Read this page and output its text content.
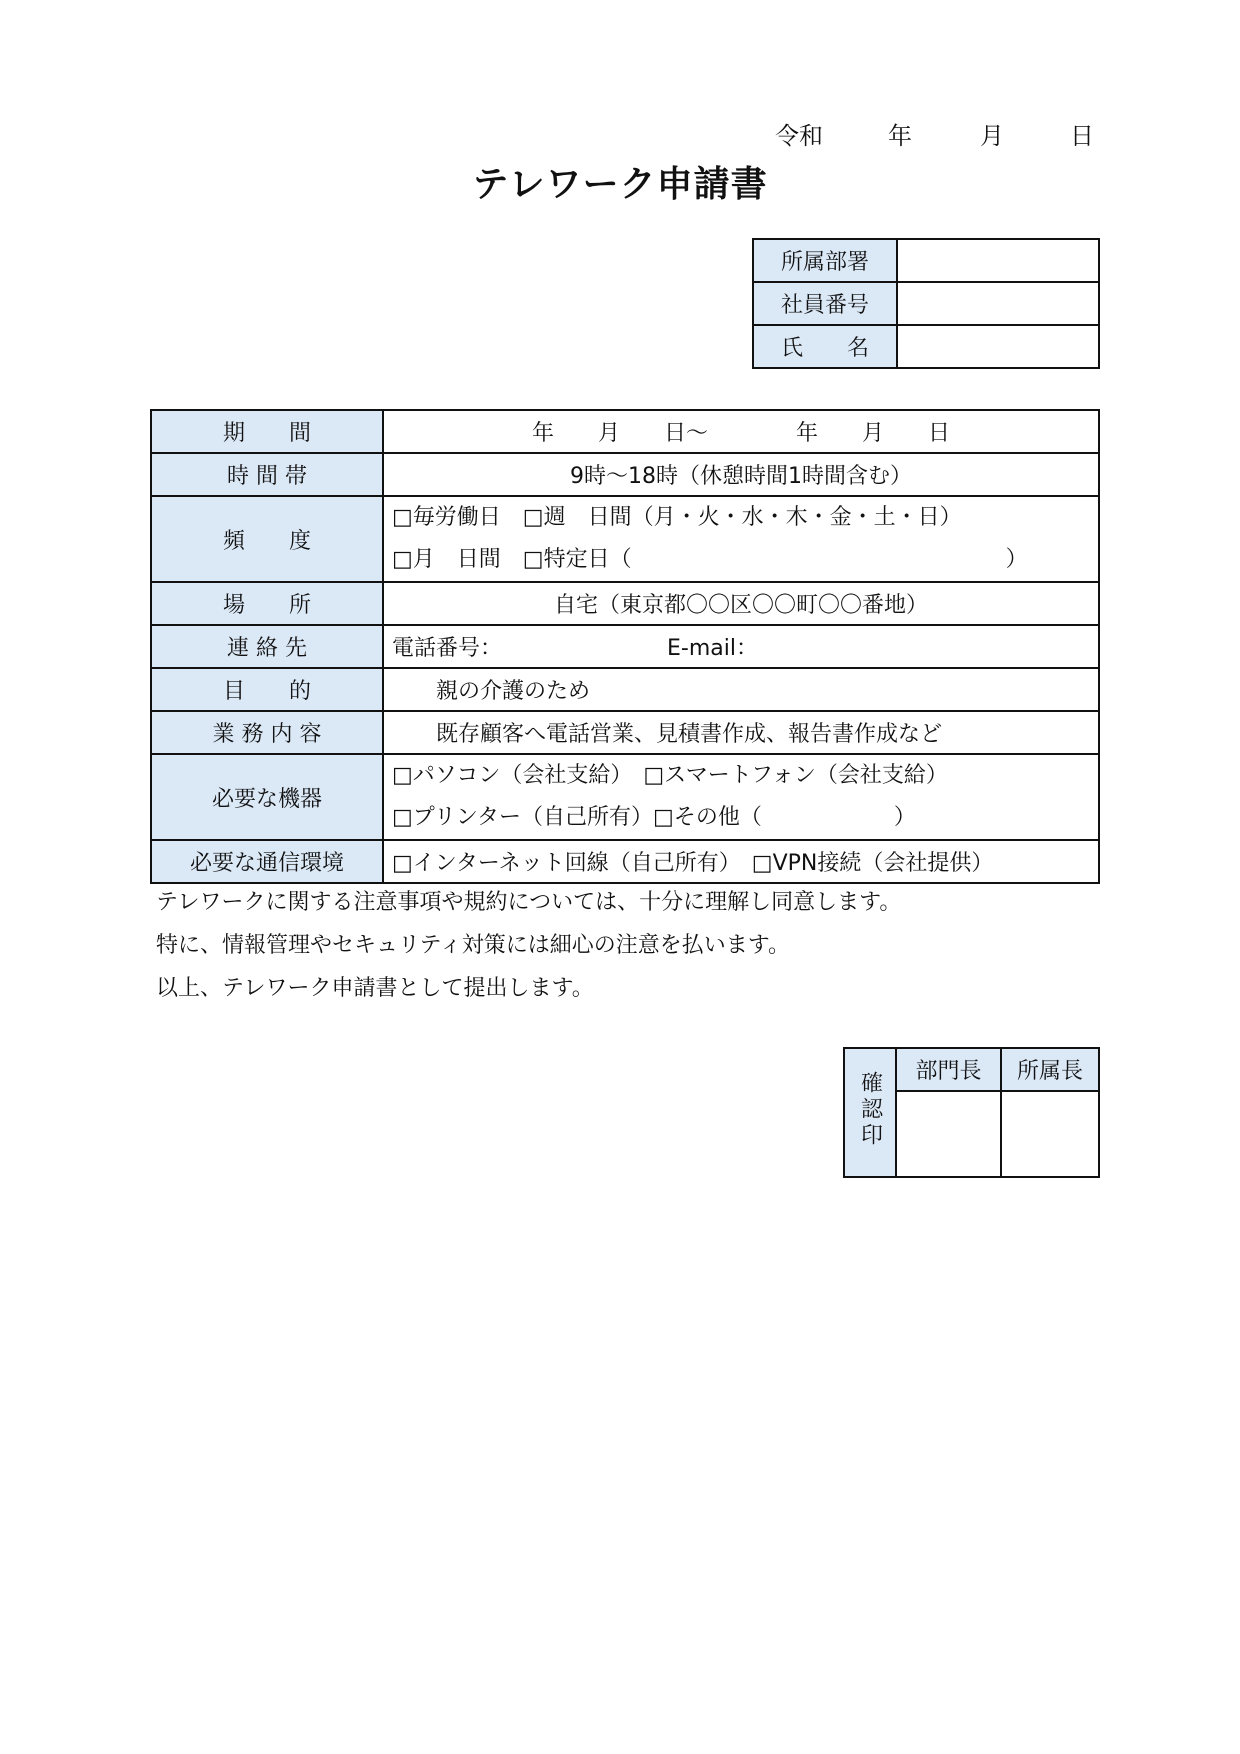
令和	年	月	日
テレワーク申請書
所属部署	
社員番号	
氏　　名	
期　　間	年　　月　　日～　　　　年　　月　　日
時 間 帯	9時～18時（休憩時間1時間含む）
頻　　度	□毎労働日　□週　日間（月・火・水・木・金・土・日）
□月　日間　□特定日（　　　　　　　　　　　　　　　　　）

場　　所	自宅（東京都〇〇区〇〇町〇〇番地）
連 絡 先	電話番号： E-mail：
目　　的	親の介護のため
業 務 内 容	既存顧客へ電話営業、見積書作成、報告書作成など
必要な機器	□パソコン（会社支給）　□スマートフォン（会社支給）
□プリンター（自己所有）□その他（　　　　　　）

必要な通信環境	□インターネット回線（自己所有）　□VPN接続（会社提供）
テレワークに関する注意事項や規約については、十分に理解し同意します。
特に、情報管理やセキュリティ対策には細心の注意を払います。
以上、テレワーク申請書として提出します。
確認印	部門長	所属長
